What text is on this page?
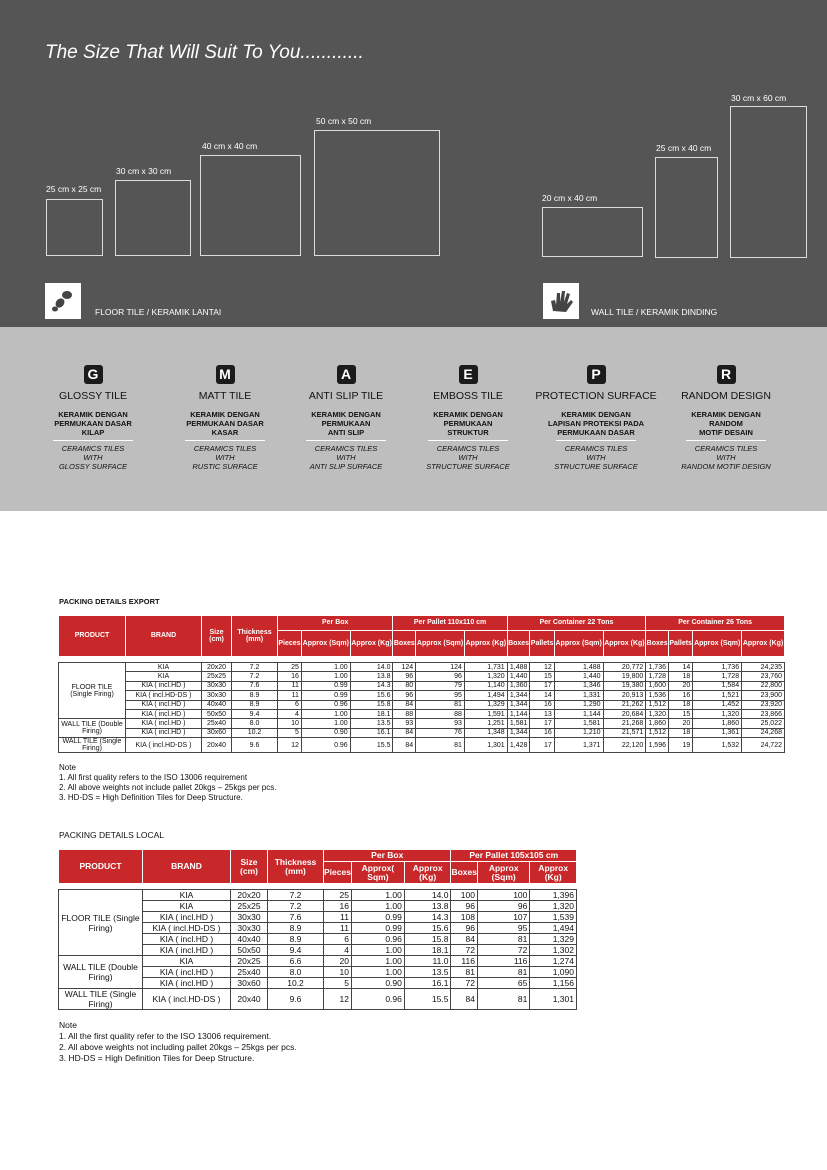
The Size That Will Suit To You............
25 cm x 25 cm
30 cm x 30 cm
40 cm x 40 cm
50 cm x 50 cm
20 cm x 40 cm
25 cm x 40 cm
30 cm x 60 cm
FLOOR TILE / KERAMIK LANTAI	WALL TILE / KERAMIK DINDING
G
GLOSSY TILE
KERAMIK DENGAN
PERMUKAAN DASAR
KILAP
CERAMICS TILES
WITH
GLOSSY SURFACE
M
MATT TILE
KERAMIK DENGAN
PERMUKAAN DASAR
KASAR
CERAMICS TILES
WITH
RUSTIC SURFACE
A
ANTI SLIP TILE
KERAMIK DENGAN
PERMUKAAN
ANTI SLIP
CERAMICS TILES
WITH
ANTI SLIP SURFACE
E
EMBOSS TILE
KERAMIK DENGAN
PERMUKAAN
STRUKTUR
CERAMICS TILES
WITH
STRUCTURE SURFACE
P
PROTECTION SURFACE
KERAMIK DENGAN
LAPISAN PROTEKSI PADA
PERMUKAAN DASAR
CERAMICS TILES
WITH
STRUCTURE SURFACE
R
RANDOM DESIGN
KERAMIK DENGAN
RANDOM
MOTIF DESAIN
CERAMICS TILES
WITH
RANDOM MOTIF DESIGN
PACKING DETAILS EXPORT
PRODUCT	BRAND	Size (cm)	Thickness (mm)	Per Box			Per Pallet 110x110 cm			Per Container 22 Tons				Per Container 26 Tons			
				Pieces	Approx (Sqm)	Approx (Kg)	Boxes	Approx (Sqm)	Approx (Kg)	Boxes	Pallets	Approx (Sqm)	Approx (Kg)	Boxes	Pallets	Approx (Sqm)	Approx (Kg)

FLOOR TILE (Single Firing)	KIA	20x20	7.2	25	1.00	14.0	124	124	1,731	1,488	12	1,488	20,772	1,736	14	1,736	24,235
	KIA	25x25	7.2	16	1.00	13.8	96	96	1,320	1,440	15	1,440	19,800	1,728	18	1,728	23,760
	KIA ( incl.HD )	30x30	7.6	11	0.99	14.3	80	79	1,140	1,360	17	1,346	19,380	1,600	20	1,584	22,800
	KIA ( incl.HD-DS )	30x30	8.9	11	0.99	15.6	96	95	1,494	1,344	14	1,331	20,913	1,536	16	1,521	23,900
	KIA ( incl.HD )	40x40	8.9	6	0.96	15.8	84	81	1,329	1,344	16	1,290	21,262	1,512	18	1,452	23,920
	KIA ( incl.HD )	50x50	9.4	4	1.00	18.1	88	88	1,591	1,144	13	1,144	20,684	1,320	15	1,320	23,866
WALL TILE (Double Firing)	KIA ( incl.HD )	25x40	8.0	10	1.00	13.5	93	93	1,251	1,581	17	1,581	21,268	1,860	20	1,860	25,022
	KIA ( incl.HD )	30x60	10.2	5	0.90	16.1	84	76	1,348	1,344	16	1,210	21,571	1,512	18	1,361	24,268
WALL TILE (Single Firing)	KIA ( incl.HD-DS )	20x40	9.6	12	0.96	15.5	84	81	1,301	1,428	17	1,371	22,120	1,596	19	1,532	24,722
Note
1. All first quality refers to the ISO 13006 requirement
2. All above weights not include pallet 20kgs – 25kgs per pcs.
3. HD-DS = High Definition Tiles for Deep Structure.
PACKING DETAILS LOCAL
PRODUCT	BRAND	Size (cm)	Thickness (mm)	Per Box			Per Pallet 105x105 cm		
				Pieces	Approx( Sqm)	Approx (Kg)	Boxes	Approx (Sqm)	Approx (Kg)

FLOOR TILE (Single Firing)	KIA	20x20	7.2	25	1.00	14.0	100	100	1,396
	KIA	25x25	7.2	16	1.00	13.8	96	96	1,320
	KIA ( incl.HD )	30x30	7.6	11	0.99	14.3	108	107	1,539
	KIA ( incl.HD-DS )	30x30	8.9	11	0.99	15.6	96	95	1,494
	KIA ( incl.HD )	40x40	8.9	6	0.96	15.8	84	81	1,329
	KIA ( incl.HD )	50x50	9.4	4	1.00	18.1	72	72	1,302
WALL TILE (Double Firing)	KIA	20x25	6.6	20	1.00	11.0	116	116	1,274
	KIA ( incl.HD )	25x40	8.0	10	1.00	13.5	81	81	1,090
	KIA ( incl.HD )	30x60	10.2	5	0.90	16.1	72	65	1,156
WALL TILE (Single Firing)	KIA ( incl.HD-DS )	20x40	9.6	12	0.96	15.5	84	81	1,301
Note
1. All the first quality refer to the ISO 13006 requirement.
2. All above weights not including pallet 20kgs – 25kgs per pcs.
3. HD-DS = High Definition Tiles for Deep Structure.
